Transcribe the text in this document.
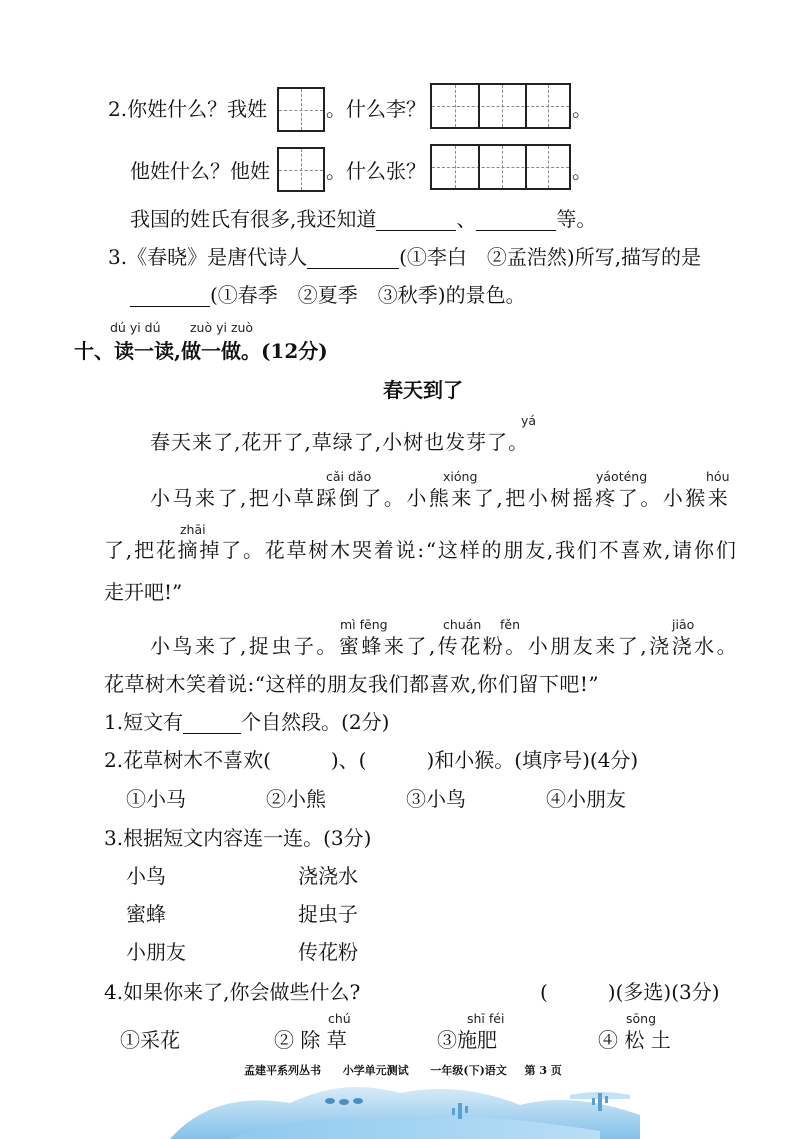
2.你姓什么？我姓	。什么李？	。
他姓什么？他姓	。什么张？	。
我国的姓氏有很多,我还知道	、	等。
3.《春晓》是唐代诗人	(①李白　②孟浩然)所写,描写的是
(①春季　②夏季　③秋季)的景色。
dú yi dú zuò yi zuò
十、读一读,做一做。(12分)
春天到了
yá
春天来了,花开了,草绿了,小树也发芽了。
cǎi dǎo	xióng	yáoténg	hóu
小马来了,把小草踩倒了。小熊来了,把小树摇疼了。小猴来
zhāi
了,把花摘掉了。花草树木哭着说:“这样的朋友,我们不喜欢,请你们
走开吧!”
mì fēng	chuán fěn	jiāo
小鸟来了,捉虫子。蜜蜂来了,传花粉。小朋友来了,浇浇水。
花草树木笑着说:“这样的朋友我们都喜欢,你们留下吧!”
1.短文有	个自然段。(2分)
2.花草树木不喜欢(　　　)、(　　　)和小猴。(填序号)(4分)
①小马	②小熊	③小鸟	④小朋友
3.根据短文内容连一连。(3分)
小鸟	浇浇水
蜜蜂	捉虫子
小朋友	传花粉
4.如果你来了,你会做些什么?	(　　　)(多选)(3分)
chú	shī féi	sōng
①采花	② 除 草	③施肥	④ 松 土
孟建平系列丛书 小学单元测试 一年级(下)语文 第 3 页
